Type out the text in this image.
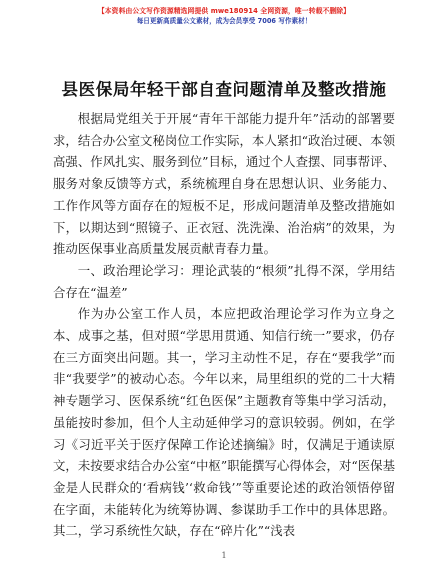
【本资料由公文写作资源精选网提供 mwe180914 全网资源，唯一转载不删除】
每日更新高质量公文素材，成为会员享受 7006 写作素材！
县医保局年轻干部自查问题清单及整改措施

根据局党组关于开展“青年干部能力提升年”活动的部署要求，结合办公室文秘岗位工作实际，本人紧扣“政治过硬、本领高强、作风扎实、服务到位”目标，通过个人查摆、同事帮评、服务对象反馈等方式，系统梳理自身在思想认识、业务能力、工作作风等方面存在的短板不足，形成问题清单及整改措施如下，以期达到“照镜子、正衣冠、洗洗澡、治治病”的效果，为推动医保事业高质量发展贡献青春力量。

一、政治理论学习：理论武装的“根须”扎得不深，学用结合存在“温差”

作为办公室工作人员，本应把政治理论学习作为立身之本、成事之基，但对照“学思用贯通、知信行统一”要求，仍存在三方面突出问题。其一，学习主动性不足，存在“要我学”而非“我要学”的被动心态。今年以来，局里组织的党的二十大精神专题学习、医保系统“红色医保”主题教育等集中学习活动，虽能按时参加，但个人主动延伸学习的意识较弱。例如，在学习《习近平关于医疗保障工作论述摘编》时，仅满足于通读原文，未按要求结合办公室“中枢”职能撰写心得体会，对“医保基金是人民群众的‘看病钱’‘救命钱’”等重要论述的政治领悟停留在字面，未能转化为统筹协调、参谋助手工作中的具体思路。其二，学习系统性欠缺，存在“碎片化”“浅表

1
